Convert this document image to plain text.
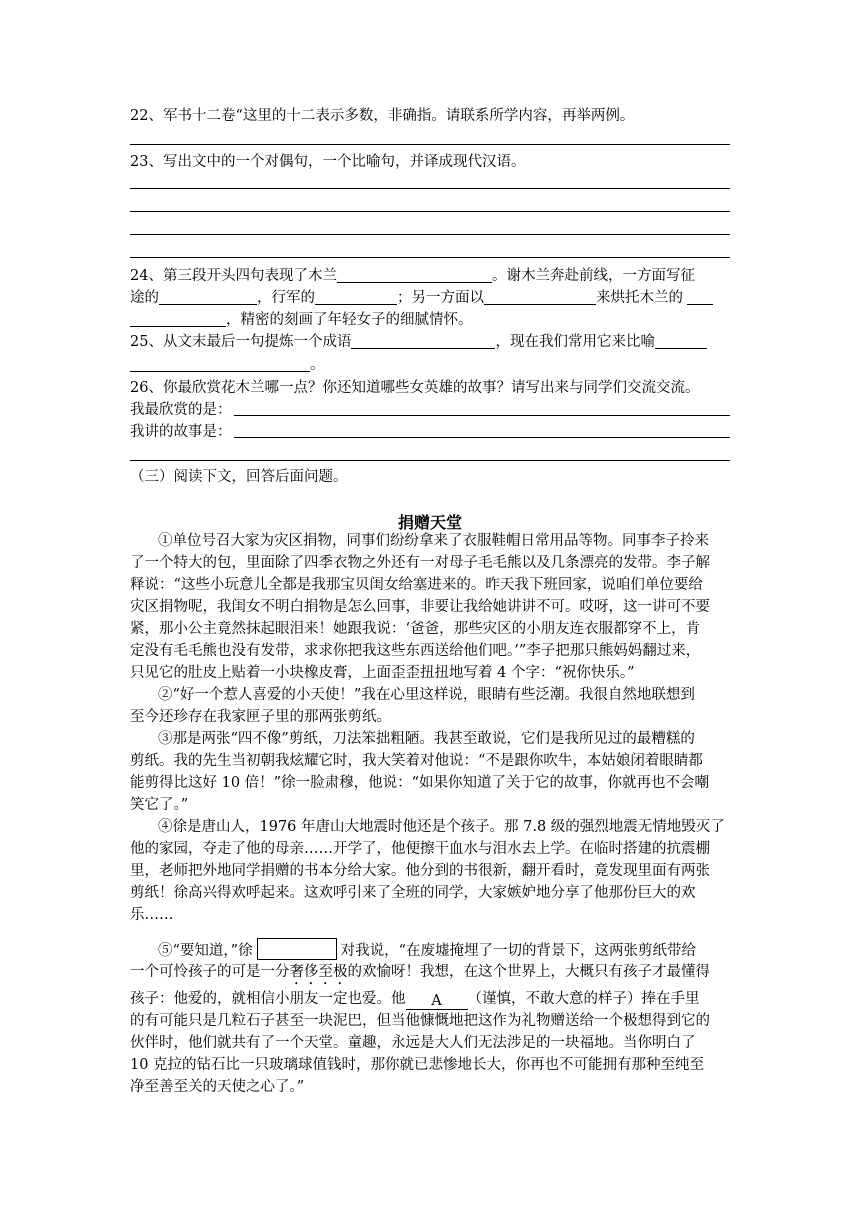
22、军书十二卷“这里的十二表示多数，非确指。请联系所学内容，再举两例。
23、写出文中的一个对偶句，一个比喻句，并译成现代汉语。
24、第三段开头四句表现了木兰	。谢木兰奔赴前线，一方面写征
途的	，行军的	；另一方面以	来烘托木兰的
，精密的刻画了年轻女子的细腻情怀。
25、从文末最后一句提炼一个成语	，现在我们常用它来比喻
。
26、你最欣赏花木兰哪一点？你还知道哪些女英雄的故事？请写出来与同学们交流交流。
我最欣赏的是：
我讲的故事是：
（三）阅读下文，回答后面问题。
捐赠天堂
①单位号召大家为灾区捐物，同事们纷纷拿来了衣服鞋帽日常用品等物。同事李子拎来
了一个特大的包，里面除了四季衣物之外还有一对母子毛毛熊以及几条漂亮的发带。李子解
释说：“这些小玩意儿全都是我那宝贝闺女给塞进来的。昨天我下班回家，说咱们单位要给
灾区捐物呢，我闺女不明白捐物是怎么回事，非要让我给她讲讲不可。哎呀，这一讲可不要
紧，那小公主竟然抹起眼泪来！她跟我说：‘爸爸，那些灾区的小朋友连衣服都穿不上，肯
定没有毛毛熊也没有发带，求求你把我这些东西送给他们吧。’”李子把那只熊妈妈翻过来，
只见它的肚皮上贴着一小块橡皮膏，上面歪歪扭扭地写着 4 个字：“祝你快乐。”
②“好一个惹人喜爱的小天使！”我在心里这样说，眼睛有些泛潮。我很自然地联想到
至今还珍存在我家匣子里的那两张剪纸。
③那是两张“四不像”剪纸，刀法笨拙粗陋。我甚至敢说，它们是我所见过的最糟糕的
剪纸。我的先生当初朝我炫耀它时，我大笑着对他说：“不是跟你吹牛，本姑娘闭着眼睛都
能剪得比这好 10 倍！”徐一脸肃穆，他说：“如果你知道了关于它的故事，你就再也不会嘲
笑它了。”
④徐是唐山人，1976 年唐山大地震时他还是个孩子。那 7.8 级的强烈地震无情地毁灭了
他的家园，夺走了他的母亲……开学了，他便擦干血水与泪水去上学。在临时搭建的抗震棚
里，老师把外地同学捐赠的书本分给大家。他分到的书很新，翻开看时，竟发现里面有两张
剪纸！徐高兴得欢呼起来。这欢呼引来了全班的同学，大家嫉妒地分享了他那份巨大的欢
乐……
⑤“要知道，”徐	对我说，“在废墟掩埋了一切的背景下，这两张剪纸带给
一个可怜孩子的可是一分奢侈至极的欢愉呀！我想，在这个世界上，大概只有孩子才最懂得
孩子：他爱的，就相信小朋友一定也爱。他 A （谨慎，不敢大意的样子）捧在手里
的有可能只是几粒石子甚至一块泥巴，但当他慷慨地把这作为礼物赠送给一个极想得到它的
伙伴时，他们就共有了一个天堂。童趣，永远是大人们无法涉足的一块福地。当你明白了
10 克拉的钻石比一只玻璃球值钱时，那你就已悲惨地长大，你再也不可能拥有那种至纯至
净至善至关的天使之心了。”
